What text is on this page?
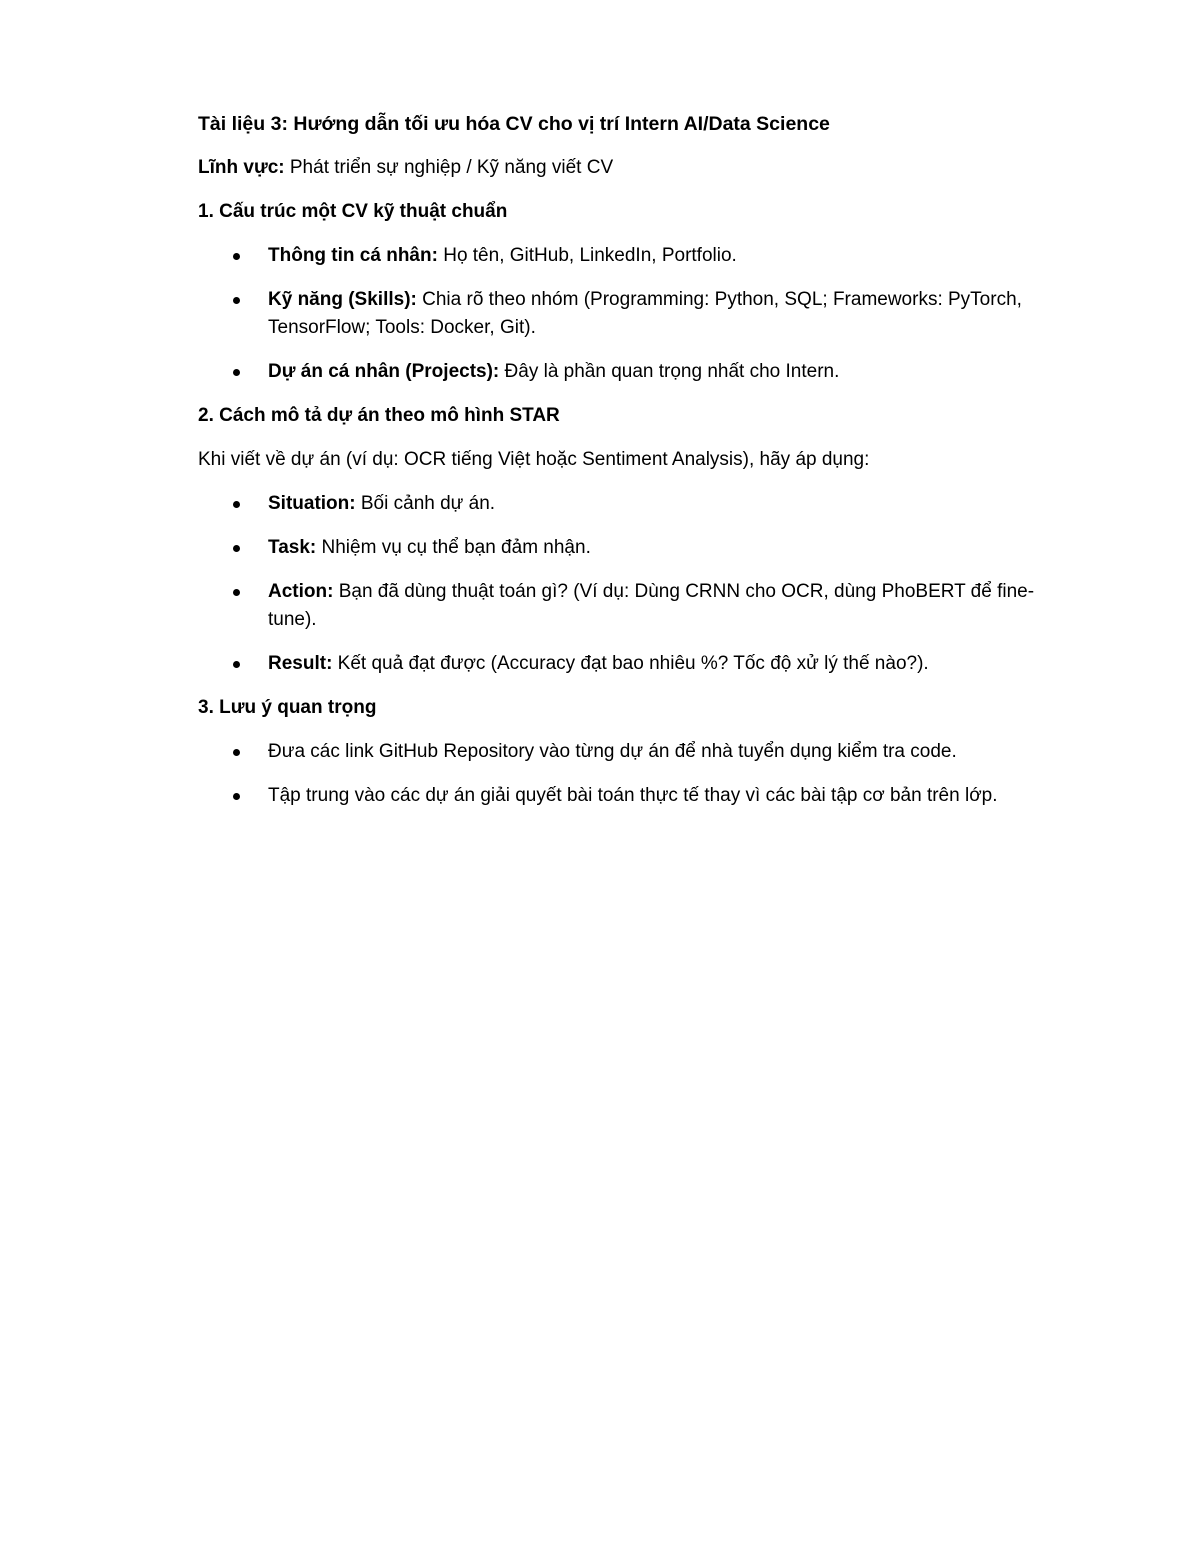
Tài liệu 3: Hướng dẫn tối ưu hóa CV cho vị trí Intern AI/Data Science
Lĩnh vực: Phát triển sự nghiệp / Kỹ năng viết CV
1. Cấu trúc một CV kỹ thuật chuẩn
Thông tin cá nhân: Họ tên, GitHub, LinkedIn, Portfolio.
Kỹ năng (Skills): Chia rõ theo nhóm (Programming: Python, SQL; Frameworks: PyTorch, TensorFlow; Tools: Docker, Git).
Dự án cá nhân (Projects): Đây là phần quan trọng nhất cho Intern.
2. Cách mô tả dự án theo mô hình STAR
Khi viết về dự án (ví dụ: OCR tiếng Việt hoặc Sentiment Analysis), hãy áp dụng:
Situation: Bối cảnh dự án.
Task: Nhiệm vụ cụ thể bạn đảm nhận.
Action: Bạn đã dùng thuật toán gì? (Ví dụ: Dùng CRNN cho OCR, dùng PhoBERT để fine-tune).
Result: Kết quả đạt được (Accuracy đạt bao nhiêu %? Tốc độ xử lý thế nào?).
3. Lưu ý quan trọng
Đưa các link GitHub Repository vào từng dự án để nhà tuyển dụng kiểm tra code.
Tập trung vào các dự án giải quyết bài toán thực tế thay vì các bài tập cơ bản trên lớp.
